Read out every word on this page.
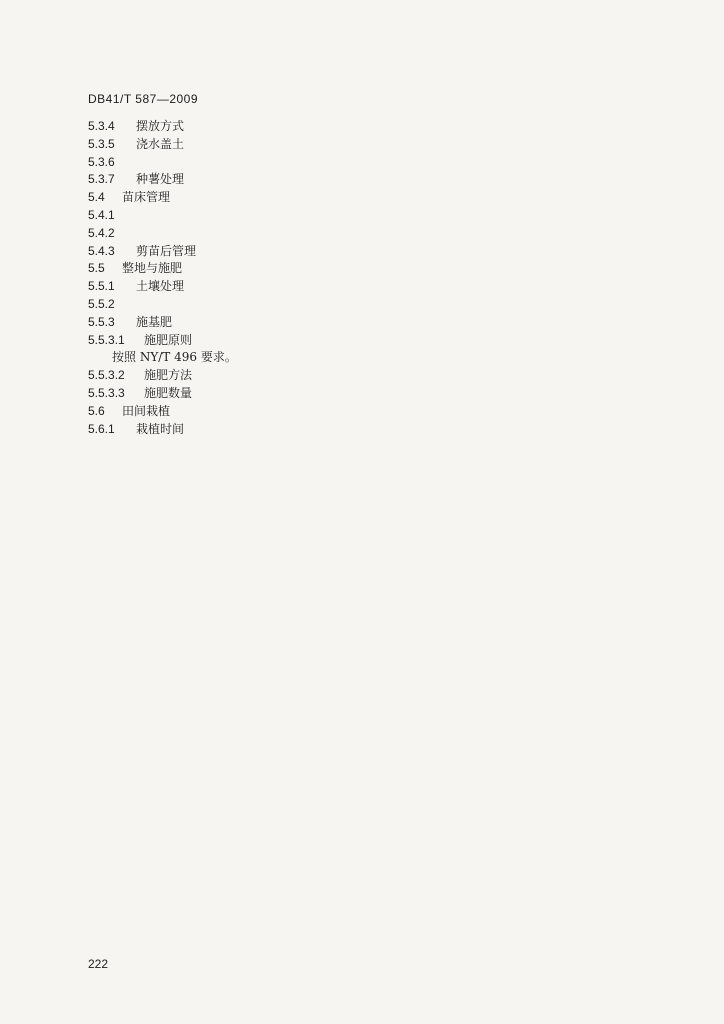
DB41/T 587—2009

5.3.4 摆放方式

5.3.5 浇水盖土

5.3.6

5.3.7 种薯处理

5.4 苗床管理
5.4.1

5.4.2

5.4.3 剪苗后管理

5.5 整地与施肥
5.5.1 土壤处理

5.5.2

5.5.3 施基肥
5.5.3.1 施肥原则

按照 NY/T 496 要求。

5.5.3.2 施肥方法

5.5.3.3 施肥数量

5.6 田间栽植
5.6.1 栽植时间

222
